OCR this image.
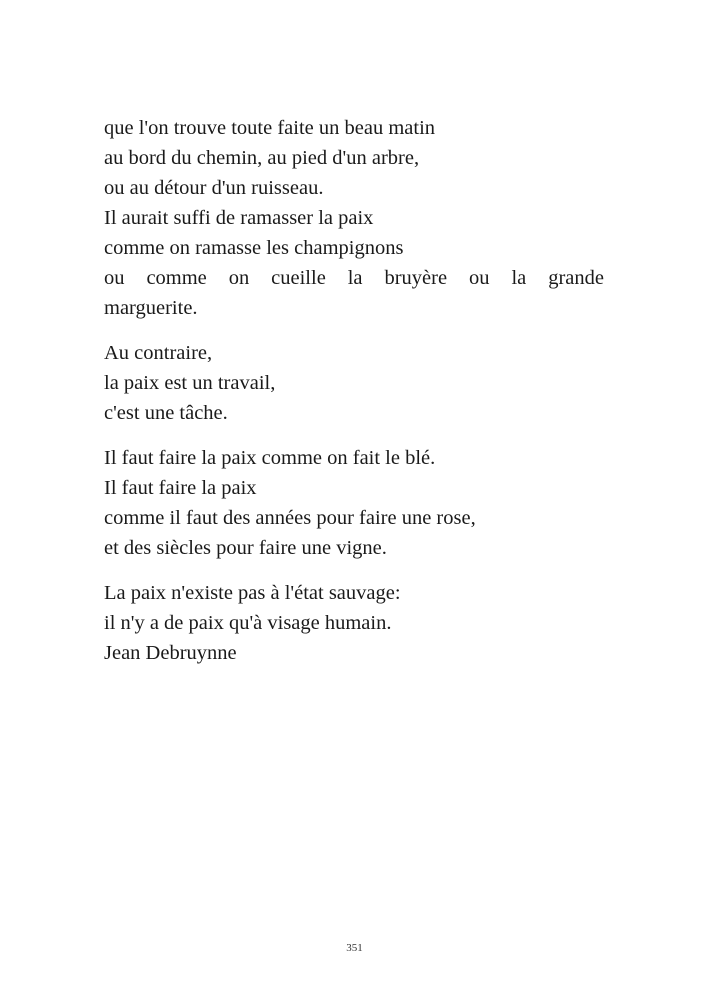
que l'on trouve toute faite un beau matin
au bord du chemin, au pied d'un arbre,
ou au détour d'un ruisseau.
Il aurait suffi de ramasser la paix
comme on ramasse les champignons
ou comme on cueille la bruyère ou la grande
marguerite.
Au contraire,
la paix est un travail,
c'est une tâche.
Il faut faire la paix comme on fait le blé.
Il faut faire la paix
comme il faut des années pour faire une rose,
et des siècles pour faire une vigne.
La paix n'existe pas à l'état sauvage:
il n'y a de paix qu'à visage humain.
Jean Debruynne
351
